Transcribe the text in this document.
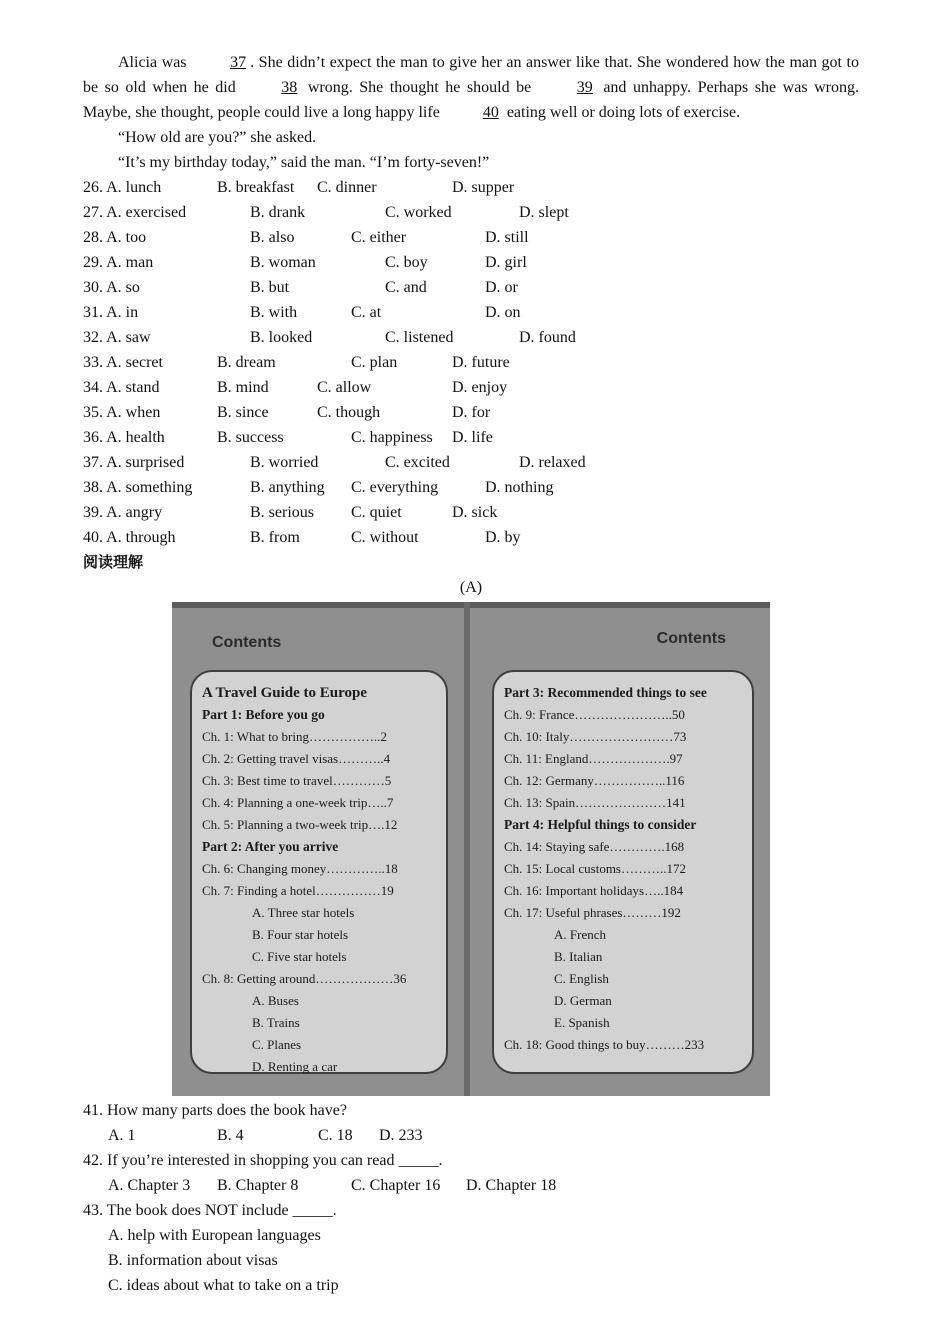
Alicia was 37 . She didn’t expect the man to give her an answer like that. She wondered how the man got to be so old when he did 38 wrong. She thought he should be 39 and unhappy. Perhaps she was wrong. Maybe, she thought, people could live a long happy life 40 eating well or doing lots of exercise.

“How old are you?” she asked.

“It’s my birthday today,” said the man. “I’m forty-seven!”

26. A. lunch	B. breakfast C. dinner	D. supper
27. A. exercised	B. drank	C. worked	D. slept
28. A. too	B. also	C. either	D. still
29. A. man	B. woman	C. boy	D. girl
30. A. so	B. but	C. and	D. or
31. A. in	B. with	C. at	D. on
32. A. saw	B. looked	C. listened	D. found
33. A. secret	B. dream	C. plan	D. future
34. A. stand	B. mind	C. allow	D. enjoy
35. A. when	B. since	C. though	D. for
36. A. health	B. success	C. happiness D. life
37. A. surprised	B. worried	C. excited	D. relaxed
38. A. something	B. anything C. everything	D. nothing
39. A. angry	B. serious C. quiet	D. sick
40. A. through	B. from	C. without	D. by
阅读理解
(A)
Contents	Contents
A Travel Guide to Europe
Part 1: Before you go
Ch. 1: What to bring……………..2
Ch. 2: Getting travel visas………..4
Ch. 3: Best time to travel…………5
Ch. 4: Planning a one-week trip…..7
Ch. 5: Planning a two-week trip….12
Part 2: After you arrive
Ch. 6: Changing money…………..18
Ch. 7: Finding a hotel……………19
A. Three star hotels
B. Four star hotels
C. Five star hotels
Ch. 8: Getting around………………36
A. Buses
B. Trains
C. Planes
D. Renting a car
Part 3: Recommended things to see
Ch. 9: France…………………..50
Ch. 10: Italy……………………73
Ch. 11: England……………….97
Ch. 12: Germany……………..116
Ch. 13: Spain…………………141
Part 4: Helpful things to consider
Ch. 14: Staying safe………….168
Ch. 15: Local customs………..172
Ch. 16: Important holidays…..184
Ch. 17: Useful phrases………192
A. French
B. Italian
C. English
D. German
E. Spanish
Ch. 18: Good things to buy………233
41. How many parts does the book have?
A. 1	B. 4	C. 18 D. 233
42. If you’re interested in shopping you can read _____.
A. Chapter 3 B. Chapter 8	C. Chapter 16 D. Chapter 18
43. The book does NOT include _____.
A. help with European languages
B. information about visas
C. ideas about what to take on a trip
